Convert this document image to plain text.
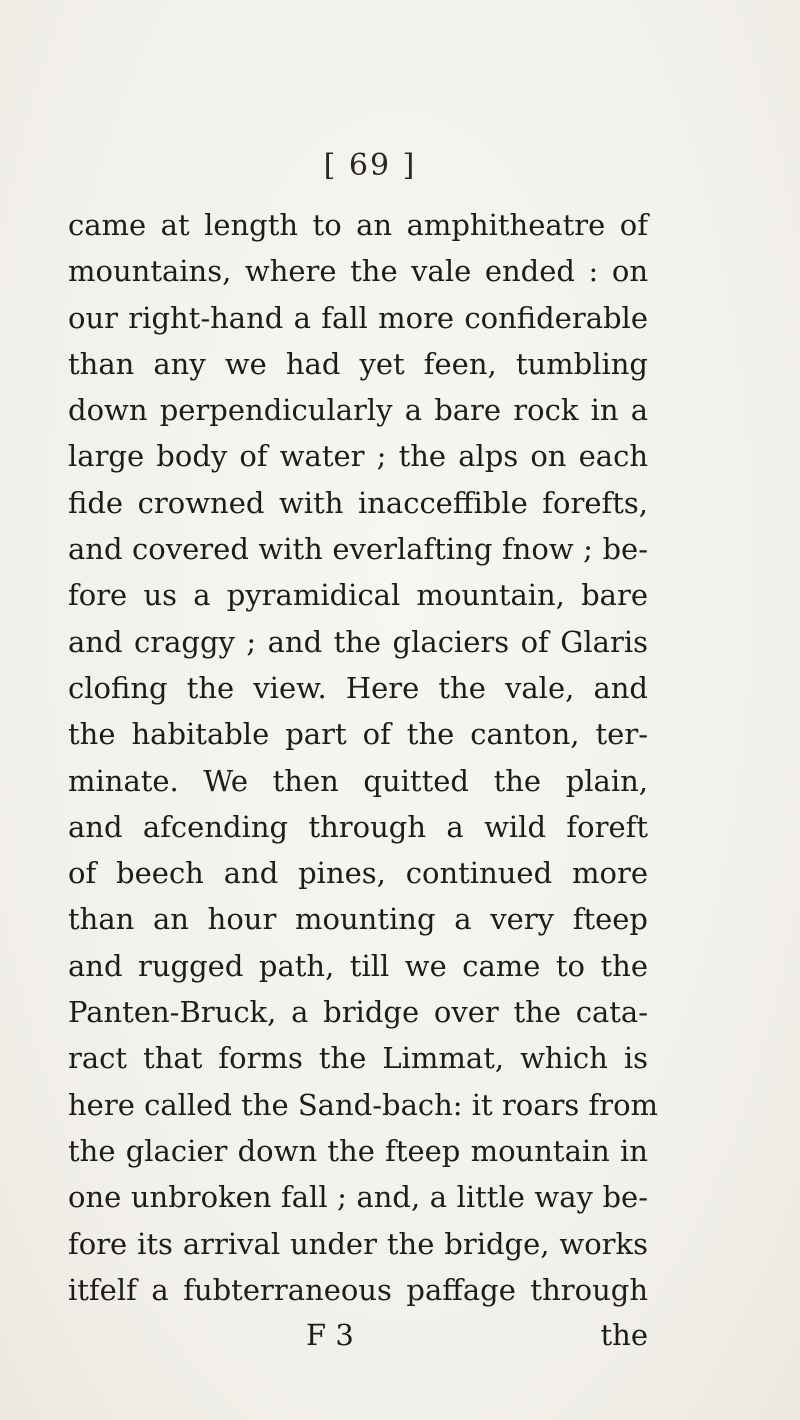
[ 69 ]
came at length to an amphitheatre of
mountains, where the vale ended : on
our right-hand a fall more confiderable
than any we had yet feen, tumbling
down perpendicularly a bare rock in a
large body of water ; the alps on each
fide crowned with inacceffible forefts,
and covered with everlafting fnow ; be-
fore us a pyramidical mountain, bare
and craggy ; and the glaciers of Glaris
clofing the view. Here the vale, and
the habitable part of the canton, ter-
minate. We then quitted the plain,
and afcending through a wild foreft
of beech and pines, continued more
than an hour mounting a very fteep
and rugged path, till we came to the
Panten-Bruck, a bridge over the cata-
ract that forms the Limmat, which is
here called the Sand-bach: it roars from
the glacier down the fteep mountain in
one unbroken fall ; and, a little way be-
fore its arrival under the bridge, works
itfelf a fubterraneous paffage through
F 3	the
